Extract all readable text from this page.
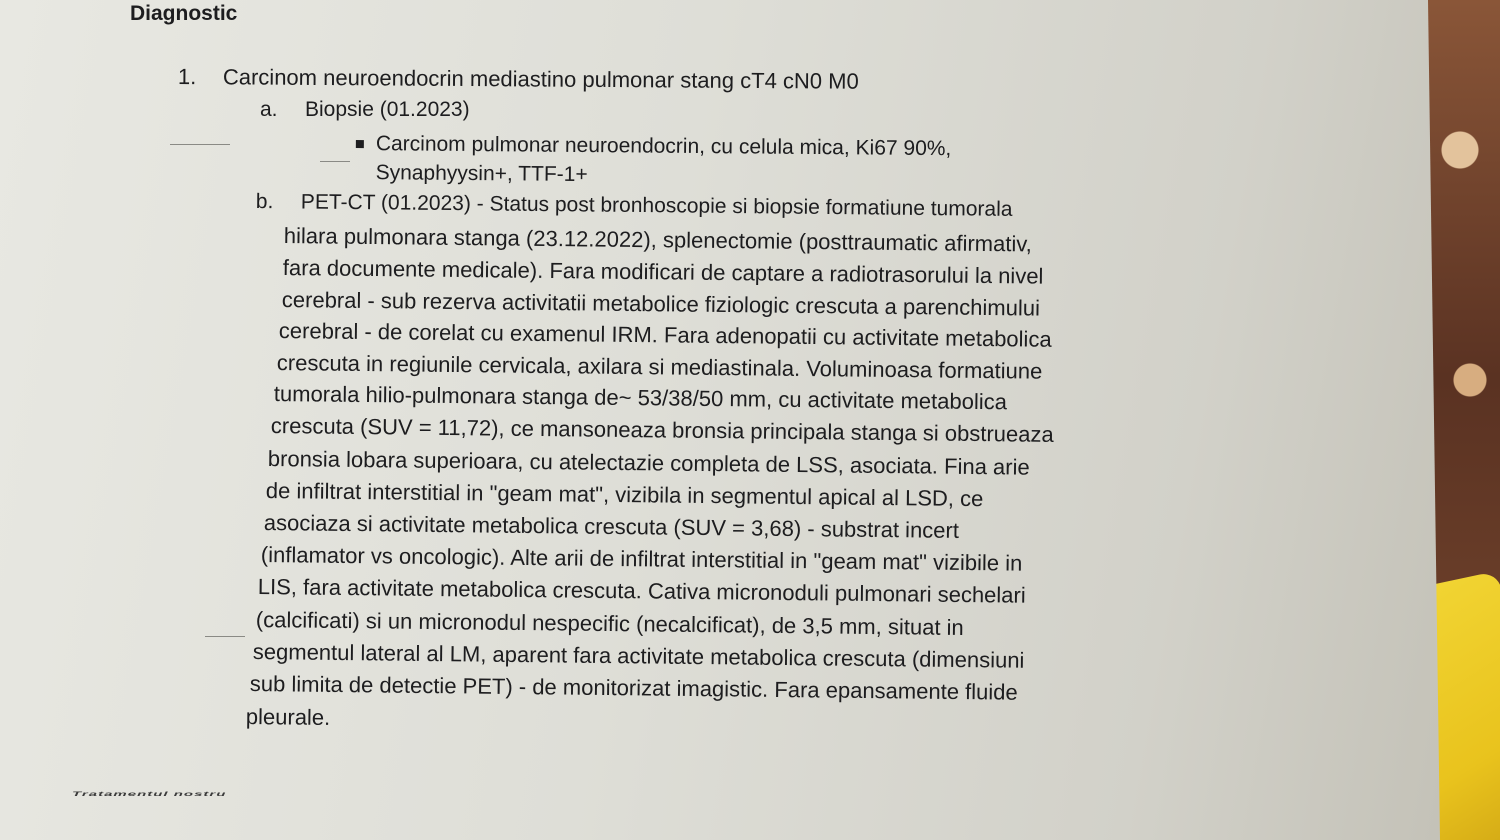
Diagnostic
1. Carcinom neuroendocrin mediastino pulmonar stang cT4 cN0 M0
a. Biopsie (01.2023)
Carcinom pulmonar neuroendocrin, cu celula mica, Ki67 90%,
Synaphyysin+, TTF-1+
b. PET-CT (01.2023) - Status post bronhoscopie si biopsie formatiune tumorala
hilara pulmonara stanga (23.12.2022), splenectomie (posttraumatic afirmativ,
fara documente medicale). Fara modificari de captare a radiotrasorului la nivel
cerebral - sub rezerva activitatii metabolice fiziologic crescuta a parenchimului
cerebral - de corelat cu examenul IRM. Fara adenopatii cu activitate metabolica
crescuta in regiunile cervicala, axilara si mediastinala. Voluminoasa formatiune
tumorala hilio-pulmonara stanga de~ 53/38/50 mm, cu activitate metabolica
crescuta (SUV = 11,72), ce mansoneaza bronsia principala stanga si obstrueaza
bronsia lobara superioara, cu atelectazie completa de LSS, asociata. Fina arie
de infiltrat interstitial in "geam mat", vizibila in segmentul apical al LSD, ce
asociaza si activitate metabolica crescuta (SUV = 3,68) - substrat incert
(inflamator vs oncologic). Alte arii de infiltrat interstitial in "geam mat" vizibile in
LIS, fara activitate metabolica crescuta. Cativa micronoduli pulmonari sechelari
(calcificati) si un micronodul nespecific (necalcificat), de 3,5 mm, situat in
segmentul lateral al LM, aparent fara activitate metabolica crescuta (dimensiuni
sub limita de detectie PET) - de monitorizat imagistic. Fara epansamente fluide
pleurale.
Tratamentul nostru
